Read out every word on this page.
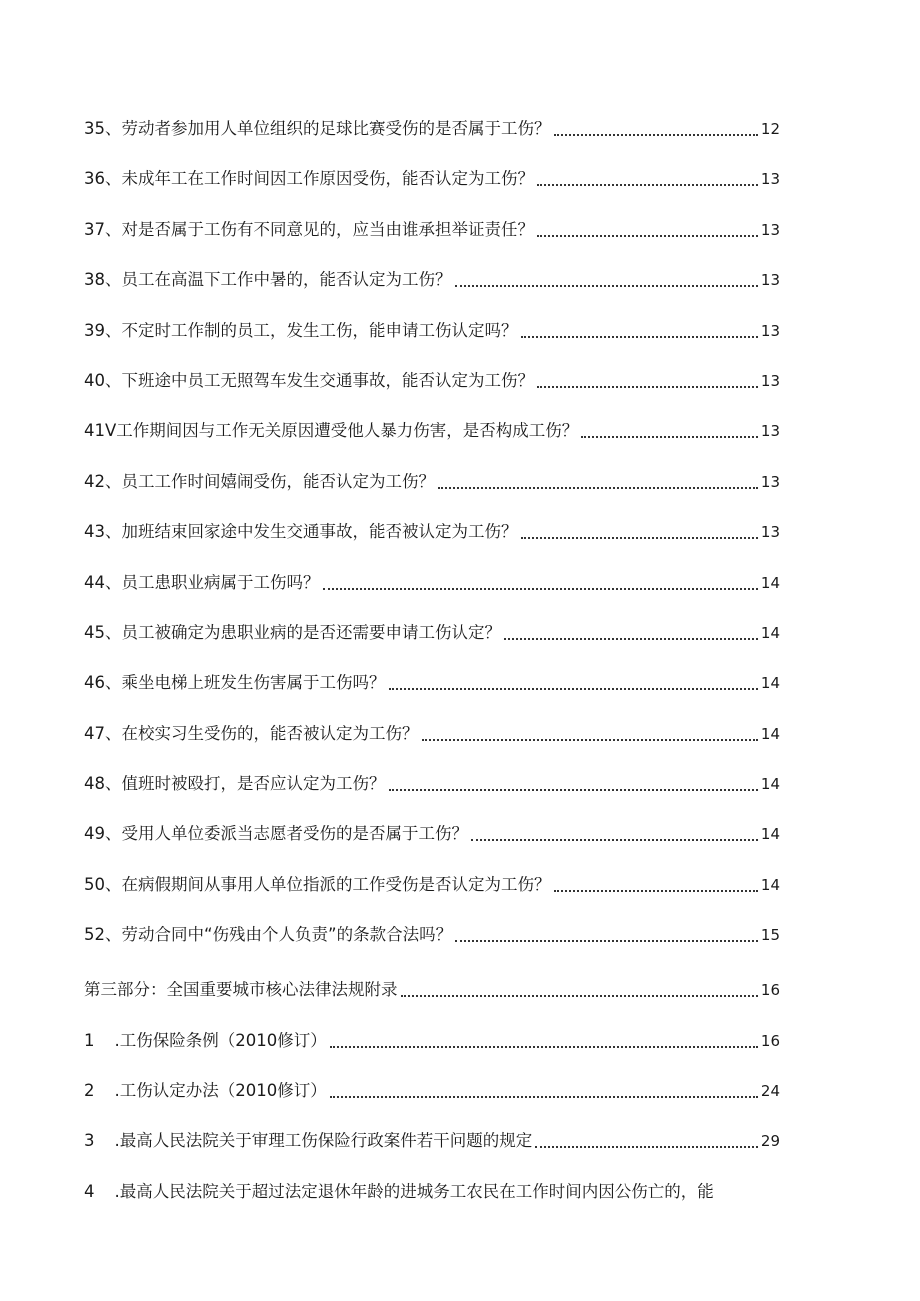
35、劳动者参加用人单位组织的足球比赛受伤的是否属于工伤？	12
36、未成年工在工作时间因工作原因受伤，能否认定为工伤？	13
37、对是否属于工伤有不同意见的，应当由谁承担举证责任？	13
38、员工在高温下工作中暑的，能否认定为工伤？	13
39、不定时工作制的员工，发生工伤，能申请工伤认定吗？	13
40、下班途中员工无照驾车发生交通事故，能否认定为工伤？	13
41V工作期间因与工作无关原因遭受他人暴力伤害，是否构成工伤？	13
42、员工工作时间嬉闹受伤，能否认定为工伤？	13
43、加班结束回家途中发生交通事故，能否被认定为工伤？	13
44、员工患职业病属于工伤吗？	14
45、员工被确定为患职业病的是否还需要申请工伤认定？	14
46、乘坐电梯上班发生伤害属于工伤吗？	14
47、在校实习生受伤的，能否被认定为工伤？	14
48、值班时被殴打，是否应认定为工伤？	14
49、受用人单位委派当志愿者受伤的是否属于工伤？	14
50、在病假期间从事用人单位指派的工作受伤是否认定为工伤？	14
52、劳动合同中“伤残由个人负责”的条款合法吗？	15
第三部分：全国重要城市核心法律法规附录	16
1 .工伤保险条例（2010修订）	16
2 .工伤认定办法（2010修订）	24
3 .最高人民法院关于审理工伤保险行政案件若干问题的规定	29
4 .最高人民法院关于超过法定退休年龄的进城务工农民在工作时间内因公伤亡的，能
